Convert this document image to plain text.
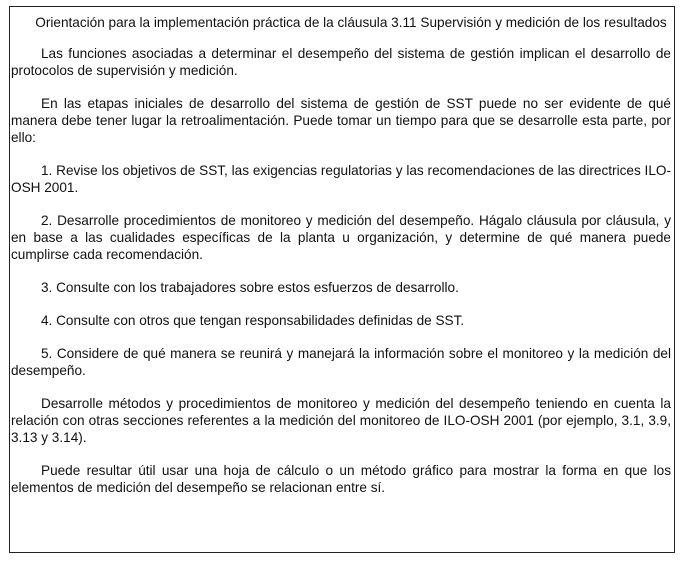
Orientación para la implementación práctica de la cláusula 3.11 Supervisión y medición de los resultados

Las funciones asociadas a determinar el desempeño del sistema de gestión implican el desarrollo de protocolos de supervisión y medición.

En las etapas iniciales de desarrollo del sistema de gestión de SST puede no ser evidente de qué manera debe tener lugar la retroalimentación. Puede tomar un tiempo para que se desarrolle esta parte, por ello:

1. Revise los objetivos de SST, las exigencias regulatorias y las recomendaciones de las directrices ILO-OSH 2001.

2. Desarrolle procedimientos de monitoreo y medición del desempeño. Hágalo cláusula por cláusula, y en base a las cualidades específicas de la planta u organización, y determine de qué manera puede cumplirse cada recomendación.

3. Consulte con los trabajadores sobre estos esfuerzos de desarrollo.

4. Consulte con otros que tengan responsabilidades definidas de SST.

5. Considere de qué manera se reunirá y manejará la información sobre el monitoreo y la medición del desempeño.

Desarrolle métodos y procedimientos de monitoreo y medición del desempeño teniendo en cuenta la relación con otras secciones referentes a la medición del monitoreo de ILO-OSH 2001 (por ejemplo, 3.1, 3.9, 3.13 y 3.14).

Puede resultar útil usar una hoja de cálculo o un método gráfico para mostrar la forma en que los elementos de medición del desempeño se relacionan entre sí.
